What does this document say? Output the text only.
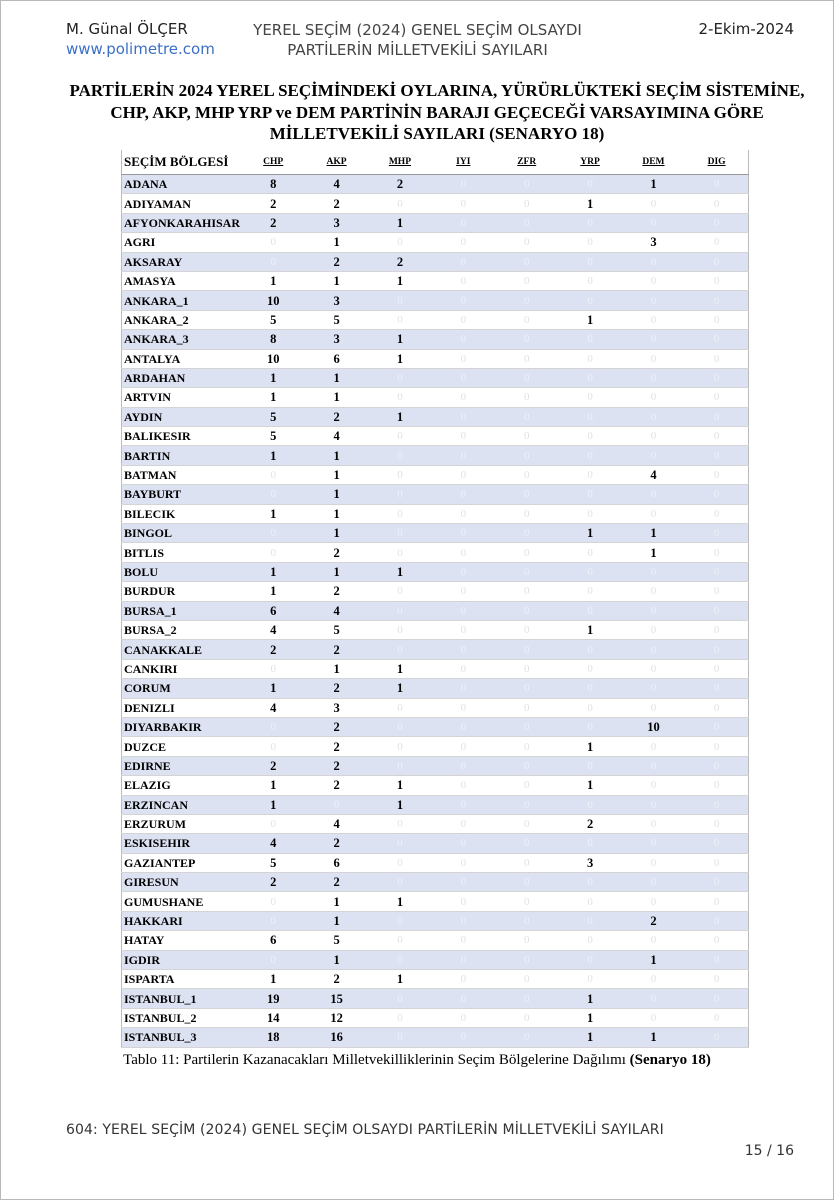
M. Günal ÖLÇER
www.polimetre.com
YEREL SEÇİM (2024) GENEL SEÇİM OLSAYDI
PARTİLERİN MİLLETVEKİLİ SAYILARI
2-Ekim-2024
PARTİLERİN 2024 YEREL SEÇİMİNDEKİ OYLARINA, YÜRÜRLÜKTEKİ SEÇİM SİSTEMİNE,
CHP, AKP, MHP YRP ve DEM PARTİNİN BARAJI GEÇECEĞİ VARSAYIMINA GÖRE
MİLLETVEKİLİ SAYILARI (SENARYO 18)
SEÇİM BÖLGESİ	CHP	AKP	MHP	IYI	ZFR	YRP	DEM	DIG
ADANA	8	4	2	0	0	0	1	0
ADIYAMAN	2	2	0	0	0	1	0	0
AFYONKARAHISAR	2	3	1	0	0	0	0	0
AGRI	0	1	0	0	0	0	3	0
AKSARAY	0	2	2	0	0	0	0	0
AMASYA	1	1	1	0	0	0	0	0
ANKARA_1	10	3	0	0	0	0	0	0
ANKARA_2	5	5	0	0	0	1	0	0
ANKARA_3	8	3	1	0	0	0	0	0
ANTALYA	10	6	1	0	0	0	0	0
ARDAHAN	1	1	0	0	0	0	0	0
ARTVIN	1	1	0	0	0	0	0	0
AYDIN	5	2	1	0	0	0	0	0
BALIKESIR	5	4	0	0	0	0	0	0
BARTIN	1	1	0	0	0	0	0	0
BATMAN	0	1	0	0	0	0	4	0
BAYBURT	0	1	0	0	0	0	0	0
BILECIK	1	1	0	0	0	0	0	0
BINGOL	0	1	0	0	0	1	1	0
BITLIS	0	2	0	0	0	0	1	0
BOLU	1	1	1	0	0	0	0	0
BURDUR	1	2	0	0	0	0	0	0
BURSA_1	6	4	0	0	0	0	0	0
BURSA_2	4	5	0	0	0	1	0	0
CANAKKALE	2	2	0	0	0	0	0	0
CANKIRI	0	1	1	0	0	0	0	0
CORUM	1	2	1	0	0	0	0	0
DENIZLI	4	3	0	0	0	0	0	0
DIYARBAKIR	0	2	0	0	0	0	10	0
DUZCE	0	2	0	0	0	1	0	0
EDIRNE	2	2	0	0	0	0	0	0
ELAZIG	1	2	1	0	0	1	0	0
ERZINCAN	1	0	1	0	0	0	0	0
ERZURUM	0	4	0	0	0	2	0	0
ESKISEHIR	4	2	0	0	0	0	0	0
GAZIANTEP	5	6	0	0	0	3	0	0
GIRESUN	2	2	0	0	0	0	0	0
GUMUSHANE	0	1	1	0	0	0	0	0
HAKKARI	0	1	0	0	0	0	2	0
HATAY	6	5	0	0	0	0	0	0
IGDIR	0	1	0	0	0	0	1	0
ISPARTA	1	2	1	0	0	0	0	0
ISTANBUL_1	19	15	0	0	0	1	0	0
ISTANBUL_2	14	12	0	0	0	1	0	0
ISTANBUL_3	18	16	0	0	0	1	1	0
Tablo 11: Partilerin Kazanacakları Milletvekilliklerinin Seçim Bölgelerine Dağılımı (Senaryo 18)
604: YEREL SEÇİM (2024) GENEL SEÇİM OLSAYDI PARTİLERİN MİLLETVEKİLİ SAYILARI
15 / 16
